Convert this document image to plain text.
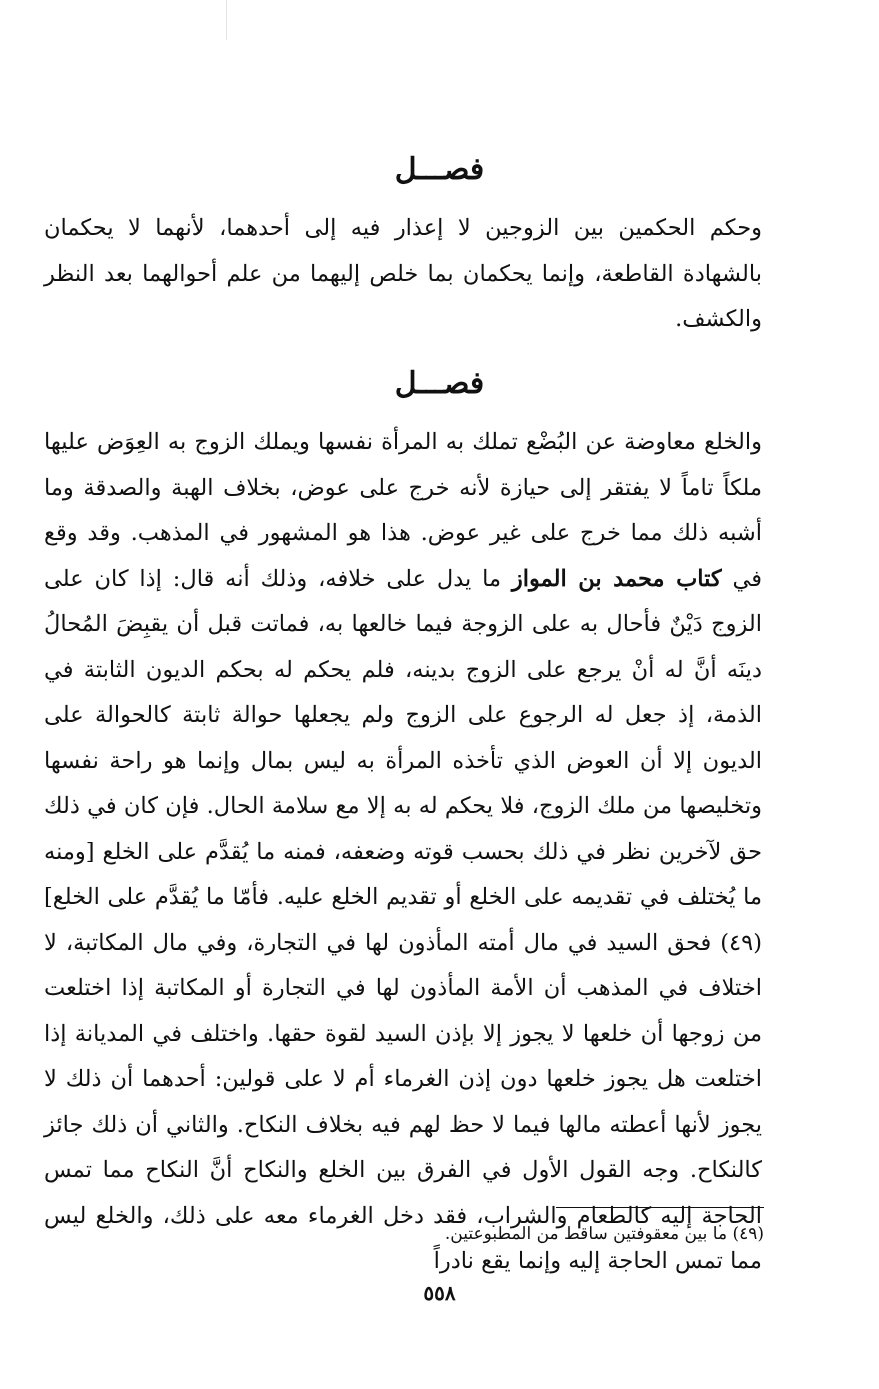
فصـــل

وحكم الحكمين بين الزوجين لا إعذار فيه إلى أحدهما، لأنهما لا يحكمان بالشهادة القاطعة، وإنما يحكمان بما خلص إليهما من علم أحوالهما بعد النظر والكشف.

فصـــل

والخلع معاوضة عن البُضْع تملك به المرأة نفسها ويملك الزوج به العِوَض عليها ملكاً تاماً لا يفتقر إلى حيازة لأنه خرج على عوض، بخلاف الهبة والصدقة وما أشبه ذلك مما خرج على غير عوض. هذا هو المشهور في المذهب. وقد وقع في كتاب محمد بن المواز ما يدل على خلافه، وذلك أنه قال: إذا كان على الزوج دَيْنٌ فأحال به على الزوجة فيما خالعها به، فماتت قبل أن يقبِضَ المُحالُ دينَه أنَّ له أنْ يرجع على الزوج بدينه، فلم يحكم له بحكم الديون الثابتة في الذمة، إذ جعل له الرجوع على الزوج ولم يجعلها حوالة ثابتة كالحوالة على الديون إلا أن العوض الذي تأخذه المرأة به ليس بمال وإنما هو راحة نفسها وتخليصها من ملك الزوج، فلا يحكم له به إلا مع سلامة الحال. فإن كان في ذلك حق لآخرين نظر في ذلك بحسب قوته وضعفه، فمنه ما يُقدَّم على الخلع [ومنه ما يُختلف في تقديمه على الخلع أو تقديم الخلع عليه. فأمّا ما يُقدَّم على الخلع](٤٩) فحق السيد في مال أمته المأذون لها في التجارة، وفي مال المكاتبة، لا اختلاف في المذهب أن الأمة المأذون لها في التجارة أو المكاتبة إذا اختلعت من زوجها أن خلعها لا يجوز إلا بإذن السيد لقوة حقها. واختلف في المديانة إذا اختلعت هل يجوز خلعها دون إذن الغرماء أم لا على قولين: أحدهما أن ذلك لا يجوز لأنها أعطته مالها فيما لا حظ لهم فيه بخلاف النكاح. والثاني أن ذلك جائز كالنكاح. وجه القول الأول في الفرق بين الخلع والنكاح أنَّ النكاح مما تمس الحاجة إليه كالطعام والشراب، فقد دخل الغرماء معه على ذلك، والخلع ليس مما تمس الحاجة إليه وإنما يقع نادراً

(٤٩) ما بين معقوفتين ساقط من المطبوعتين.
٥٥٨
